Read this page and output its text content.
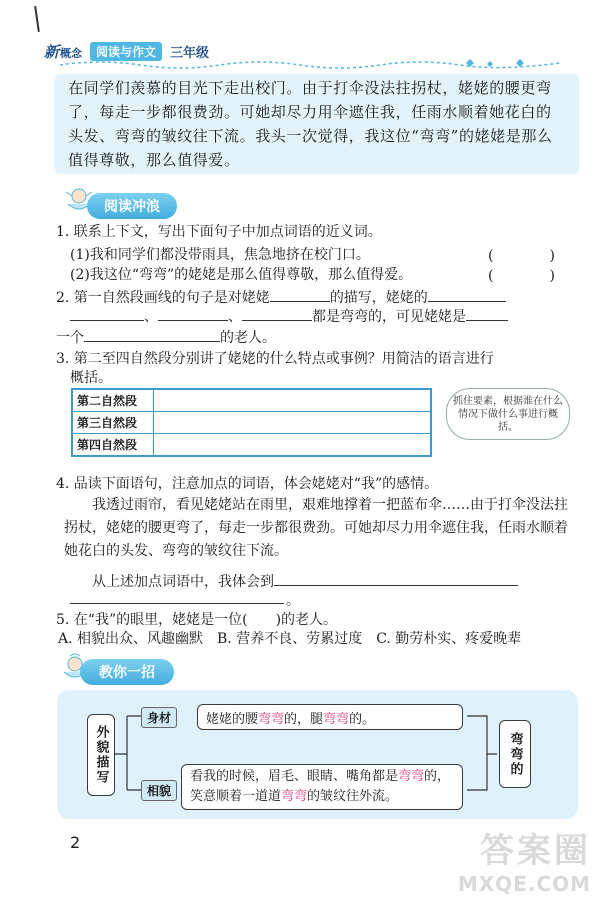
新概念	阅读与作文	三年级
在同学们羡慕的目光下走出校门。由于打伞没法拄拐杖，姥姥的腰更弯了，每走一步都很费劲。可她却尽力用伞遮住我，任雨水顺着她花白的头发、弯弯的皱纹往下流。我头一次觉得，我这位“弯弯”的姥姥是那么值得尊敬，那么值得爱。
阅读冲浪
1. 联系上下文，写出下面句子中加点词语的近义词。
(1)我和同学们都没带雨具，焦急地挤在校门口。	(　　　　)
(2)我这位“弯弯”的姥姥是那么值得尊敬，那么值得爱。	(　　　　)
2. 第一自然段画线的句子是对姥姥	的描写，姥姥的
、	、	都是弯弯的，可见姥姥是
一个	的老人。
3. 第二至四自然段分别讲了姥姥的什么特点或事例？用简洁的语言进行
概括。
第二自然段	
第三自然段	
第四自然段	
抓住要素，根据谁在什么情况下做什么事进行概括。
4. 品读下面语句，注意加点的词语，体会姥姥对“我”的感情。
我透过雨帘，看见姥姥站在雨里，艰难地撑着一把蓝布伞……由于打伞没法拄拐杖，姥姥的腰更弯了，每走一步都很费劲。可她却尽力用伞遮住我，任雨水顺着她花白的头发、弯弯的皱纹往下流。
从上述加点词语中，我体会到
。
5. 在“我”的眼里，姥姥是一位(　　)的老人。
A. 相貌出众、风趣幽默　B. 营养不良、劳累过度　C. 勤劳朴实、疼爱晚辈
教你一招
外貌描写
身材
相貌
姥姥的腰 弯弯 的，腿 弯弯 的。
看我的时候，眉毛、眼睛、嘴角都是弯弯的，
笑意顺着一道道弯弯的皱纹往外流。
弯弯的
2	答案圈
MXQE.COM
